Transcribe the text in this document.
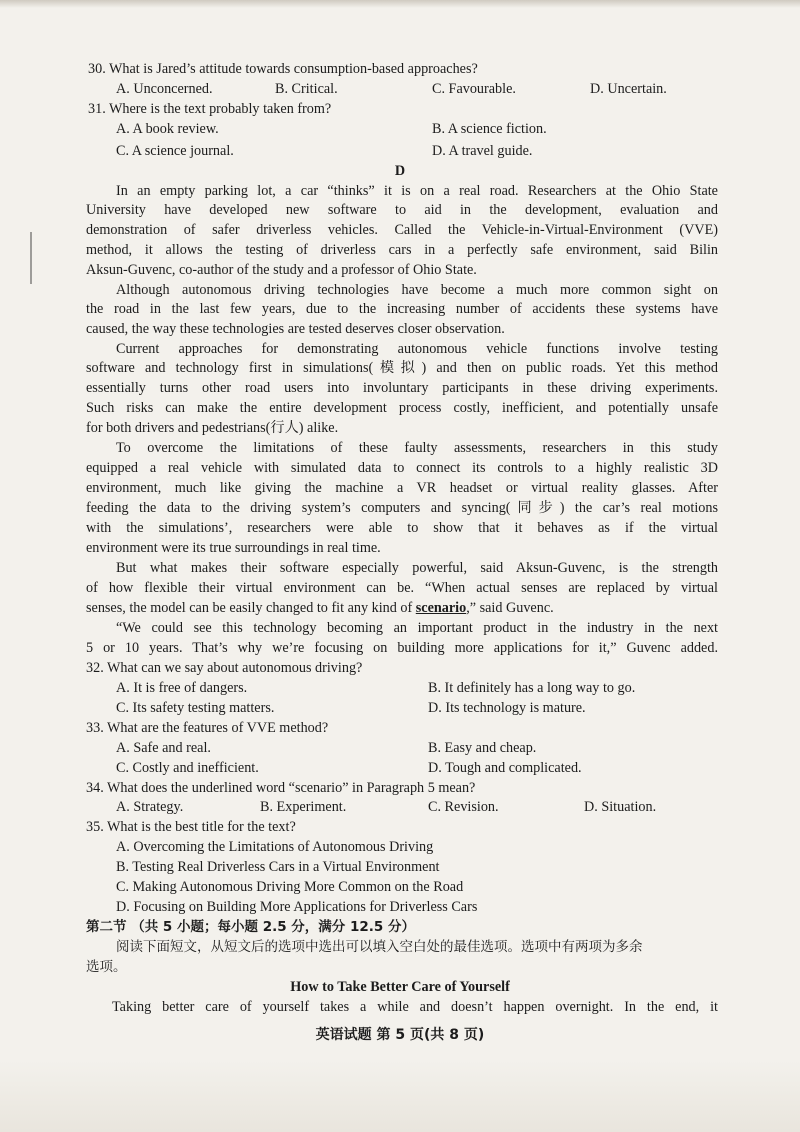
30. What is Jared’s attitude towards consumption-based approaches?
A. Unconcerned.	B. Critical.	C. Favourable.	D. Uncertain.
31. Where is the text probably taken from?
A. A book review.	B. A science fiction.
C. A science journal.	D. A travel guide.
D
In an empty parking lot, a car “thinks” it is on a real road. Researchers at the Ohio State
University have developed new software to aid in the development, evaluation and
demonstration of safer driverless vehicles. Called the Vehicle-in-Virtual-Environment (VVE)
method, it allows the testing of driverless cars in a perfectly safe environment, said Bilin
Aksun-Guvenc, co-author of the study and a professor of Ohio State.
Although autonomous driving technologies have become a much more common sight on
the road in the last few years, due to the increasing number of accidents these systems have
caused, the way these technologies are tested deserves closer observation.
Current approaches for demonstrating autonomous vehicle functions involve testing
software and technology first in simulations(模拟) and then on public roads. Yet this method
essentially turns other road users into involuntary participants in these driving experiments.
Such risks can make the entire development process costly, inefficient, and potentially unsafe
for both drivers and pedestrians(行人) alike.
To overcome the limitations of these faulty assessments, researchers in this study
equipped a real vehicle with simulated data to connect its controls to a highly realistic 3D
environment, much like giving the machine a VR headset or virtual reality glasses. After
feeding the data to the driving system’s computers and syncing(同步) the car’s real motions
with the simulations’, researchers were able to show that it behaves as if the virtual
environment were its true surroundings in real time.
But what makes their software especially powerful, said Aksun-Guvenc, is the strength
of how flexible their virtual environment can be. “When actual senses are replaced by virtual
senses, the model can be easily changed to fit any kind of scenario,” said Guvenc.
“We could see this technology becoming an important product in the industry in the next
5 or 10 years. That’s why we’re focusing on building more applications for it,” Guvenc added.
32. What can we say about autonomous driving?
A. It is free of dangers.	B. It definitely has a long way to go.
C. Its safety testing matters.	D. Its technology is mature.
33. What are the features of VVE method?
A. Safe and real.	B. Easy and cheap.
C. Costly and inefficient.	D. Tough and complicated.
34. What does the underlined word “scenario” in Paragraph 5 mean?
A. Strategy.	B. Experiment.	C. Revision.	D. Situation.
35. What is the best title for the text?
A. Overcoming the Limitations of Autonomous Driving
B. Testing Real Driverless Cars in a Virtual Environment
C. Making Autonomous Driving More Common on the Road
D. Focusing on Building More Applications for Driverless Cars
第二节 （共 5 小题；每小题 2.5 分，满分 12.5 分）
阅读下面短文，从短文后的选项中选出可以填入空白处的最佳选项。选项中有两项为多余
选项。
How to Take Better Care of Yourself
Taking better care of yourself takes a while and doesn’t happen overnight. In the end, it
英语试题 第 5 页(共 8 页)
